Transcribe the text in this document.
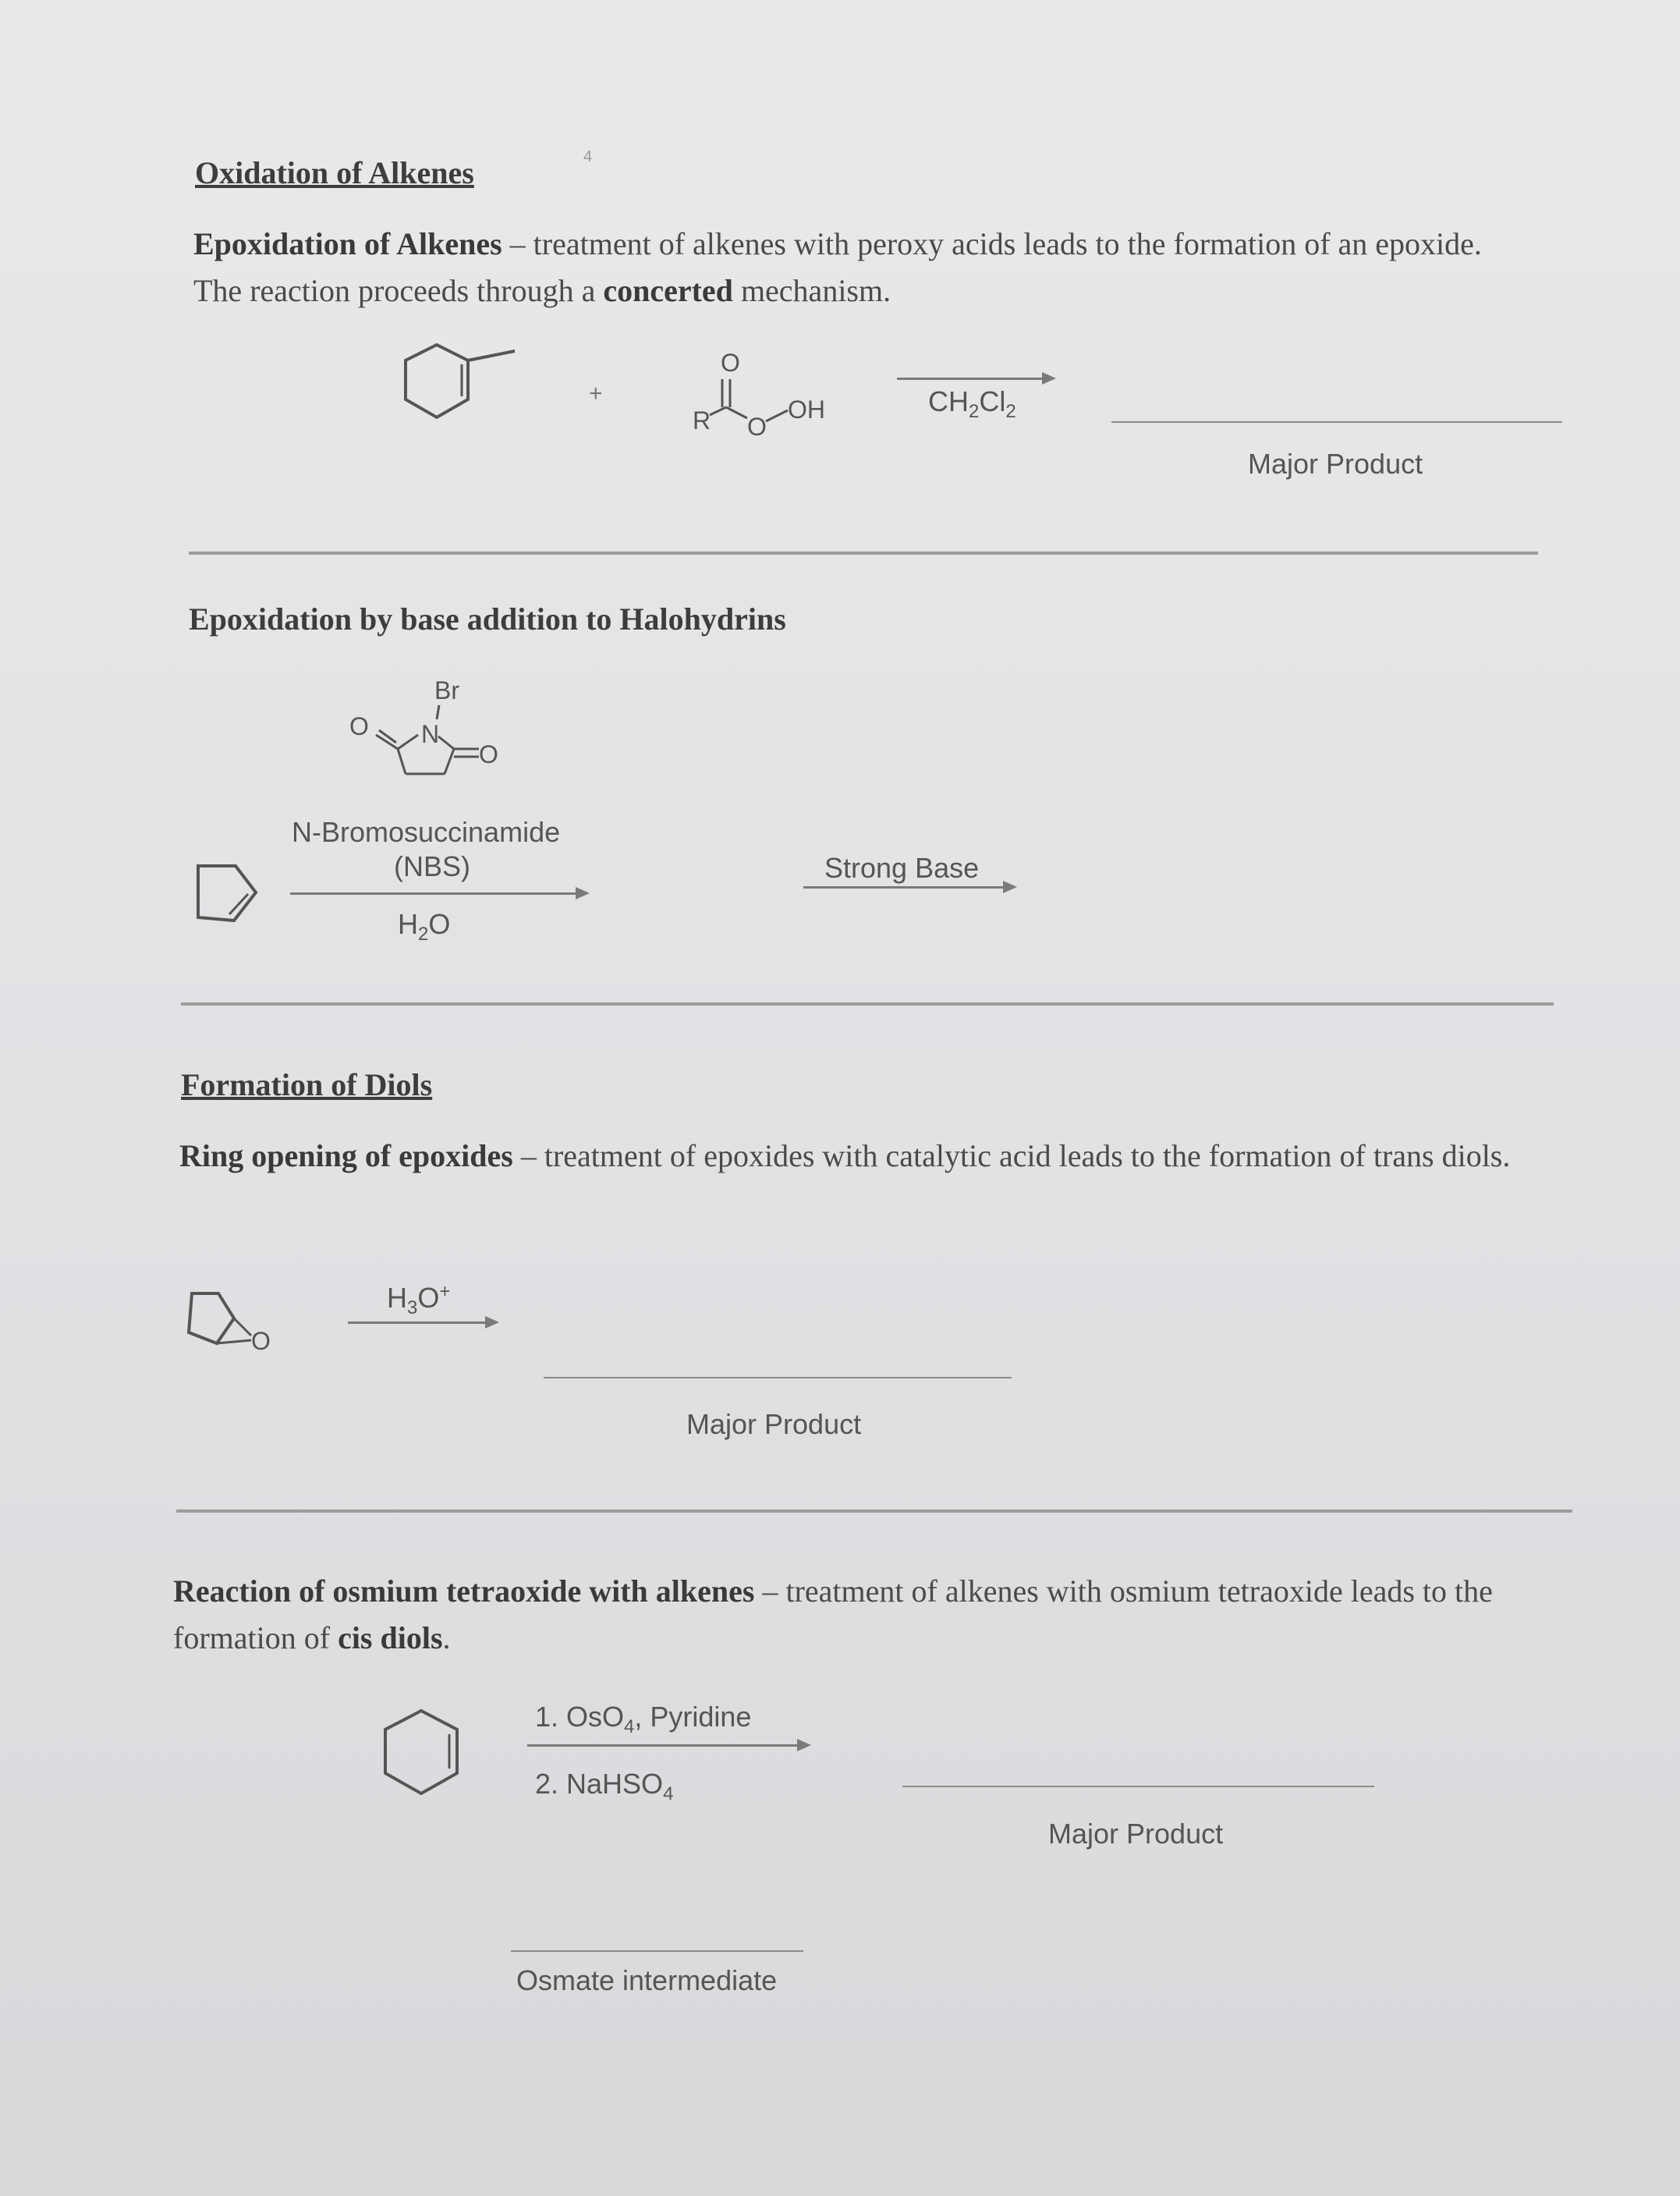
Oxidation of Alkenes	4
Epoxidation of Alkenes – treatment of alkenes with peroxy acids leads to the formation of an epoxide. The reaction proceeds through a concerted mechanism.
+
O
R O
OH	$CH_2Cl_2$
Major Product
Epoxidation by base addition to Halohydrins
Br
N
O
O
N-Bromosuccinamide
(NBS)
$H_2O$
Strong Base
Formation of Diols
Ring opening of epoxides – treatment of epoxides with catalytic acid leads to the formation of trans diols.
O
$H_3O^+$
Major Product
Reaction of osmium tetraoxide with alkenes – treatment of alkenes with osmium tetraoxide leads to the formation of cis diols.
1. OsO$_4$, Pyridine
2. NaHSO$_4$
Major Product
Osmate intermediate
